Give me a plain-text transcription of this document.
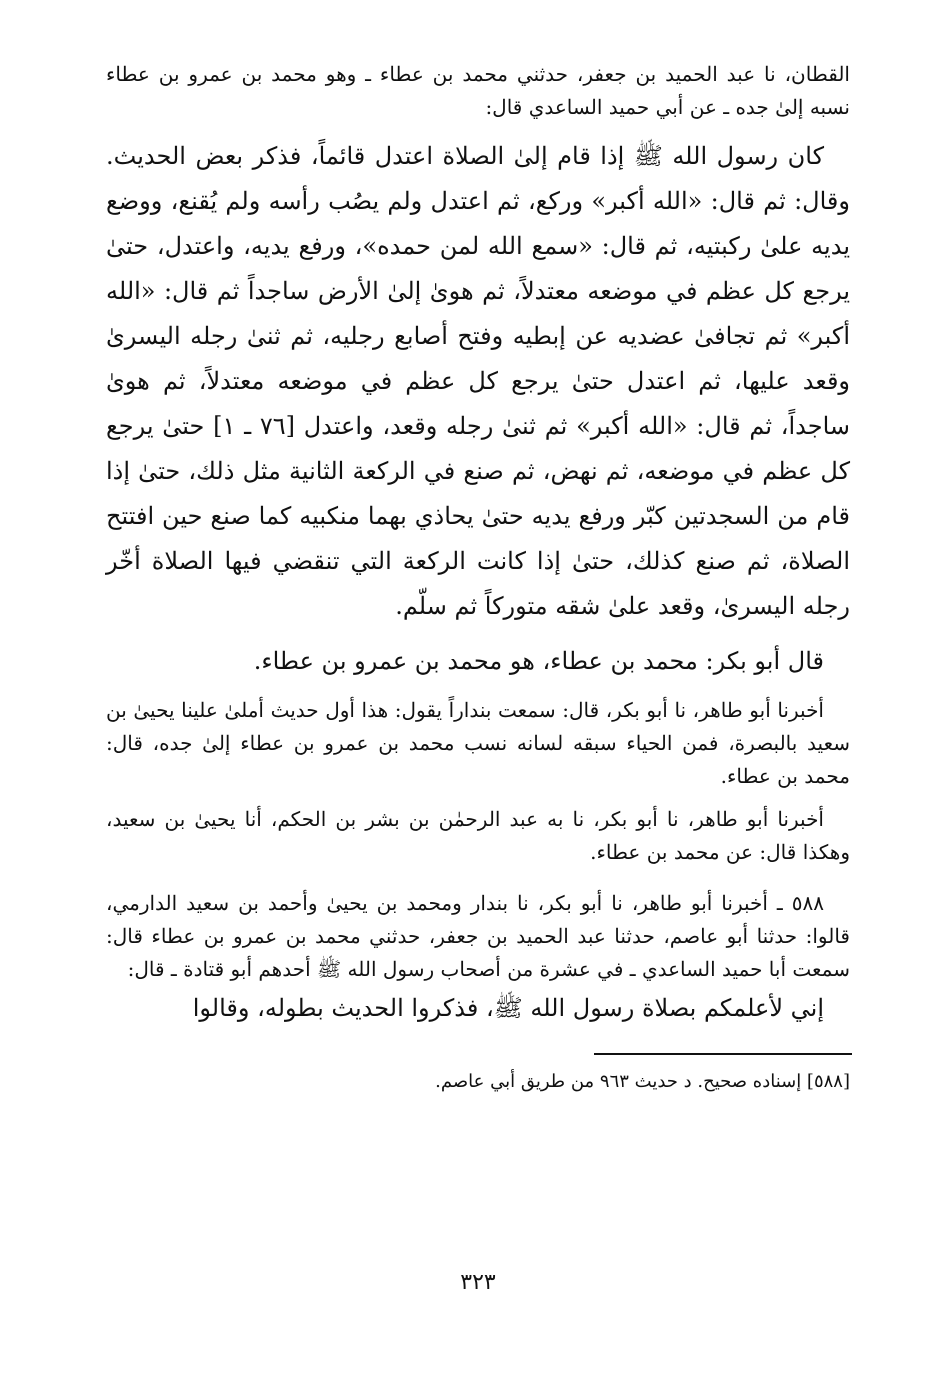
القطان، نا عبد الحميد بن جعفر، حدثني محمد بن عطاء ـ وهو محمد بن عمرو بن عطاء نسبه إلىٰ جده ـ عن أبي حميد الساعدي قال:

كان رسول الله ﷺ إذا قام إلىٰ الصلاة اعتدل قائماً، فذكر بعض الحديث. وقال: ثم قال: «الله أكبر» وركع، ثم اعتدل ولم يصُب رأسه ولم يُقنع، ووضع يديه علىٰ ركبتيه، ثم قال: «سمع الله لمن حمده»، ورفع يديه، واعتدل، حتىٰ يرجع كل عظم في موضعه معتدلاً، ثم هوىٰ إلىٰ الأرض ساجداً ثم قال: «الله أكبر» ثم تجافىٰ عضديه عن إبطيه وفتح أصابع رجليه، ثم ثنىٰ رجله اليسرىٰ وقعد عليها، ثم اعتدل حتىٰ يرجع كل عظم في موضعه معتدلاً، ثم هوىٰ ساجداً، ثم قال: «الله أكبر» ثم ثنىٰ رجله وقعد، واعتدل [٧٦ ـ ١] حتىٰ يرجع كل عظم في موضعه، ثم نهض، ثم صنع في الركعة الثانية مثل ذلك، حتىٰ إذا قام من السجدتين كبّر ورفع يديه حتىٰ يحاذي بهما منكبيه كما صنع حين افتتح الصلاة، ثم صنع كذلك، حتىٰ إذا كانت الركعة التي تنقضي فيها الصلاة أخّر رجله اليسرىٰ، وقعد علىٰ شقه متوركاً ثم سلّم.

قال أبو بكر: محمد بن عطاء، هو محمد بن عمرو بن عطاء.

أخبرنا أبو طاهر، نا أبو بكر، قال: سمعت بنداراً يقول: هذا أول حديث أملىٰ علينا يحيىٰ بن سعيد بالبصرة، فمن الحياء سبقه لسانه نسب محمد بن عمرو بن عطاء إلىٰ جده، قال: محمد بن عطاء.

أخبرنا أبو طاهر، نا أبو بكر، نا به عبد الرحمٰن بن بشر بن الحكم، أنا يحيىٰ بن سعيد، وهكذا قال: عن محمد بن عطاء.

٥٨٨ ـ أخبرنا أبو طاهر، نا أبو بكر، نا بندار ومحمد بن يحيىٰ وأحمد بن سعيد الدارمي، قالوا: حدثنا أبو عاصم، حدثنا عبد الحميد بن جعفر، حدثني محمد بن عمرو بن عطاء قال: سمعت أبا حميد الساعدي ـ في عشرة من أصحاب رسول الله ﷺ أحدهم أبو قتادة ـ قال:

إني لأعلمكم بصلاة رسول الله ﷺ، فذكروا الحديث بطوله، وقالوا

[٥٨٨] إسناده صحيح. د حديث ٩٦٣ من طريق أبي عاصم.

٣٢٣
